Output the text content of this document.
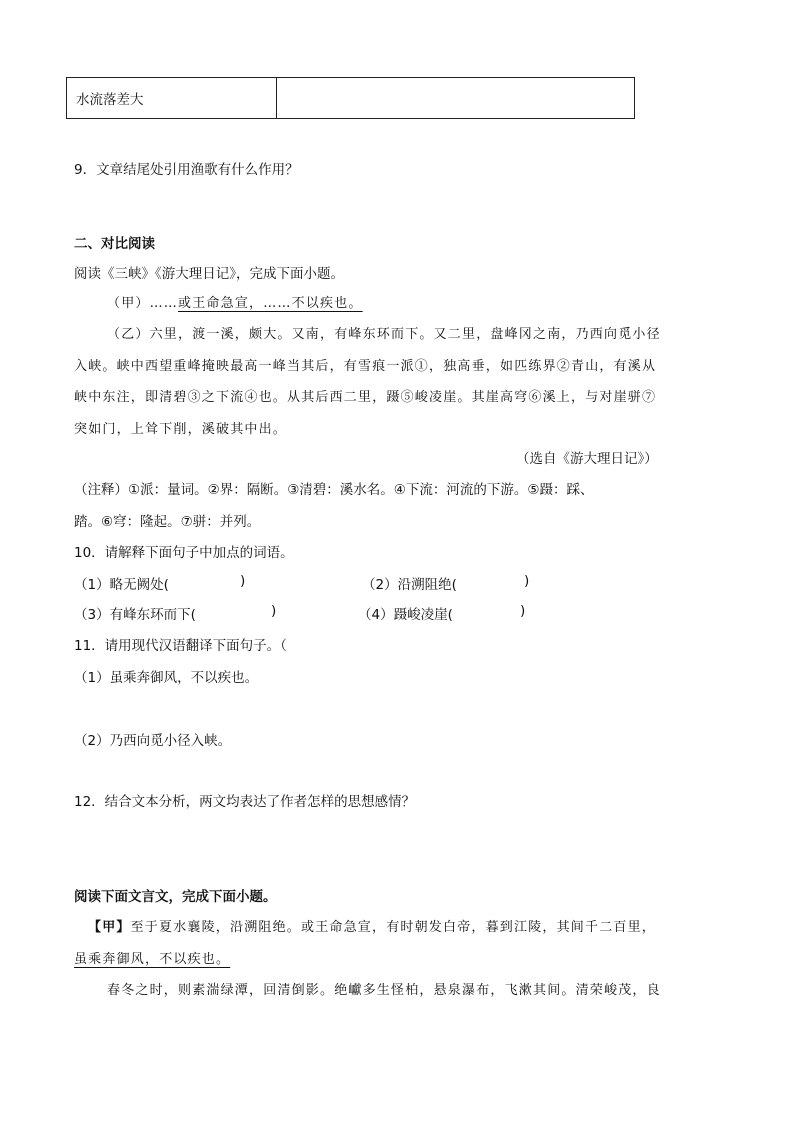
水流落差大	
9．文章结尾处引用渔歌有什么作用？
二、对比阅读
阅读《三峡》《游大理日记》，完成下面小题。
（甲）……或王命急宣，……不以疾也。
（乙）六里，渡一溪，颇大。又南，有峰东环而下。又二里，盘峰冈之南，乃西向觅小径
入峡。峡中西望重峰掩映最高一峰当其后，有雪痕一派①，独高垂，如匹练界②青山，有溪从
峡中东注，即清碧③之下流④也。从其后西二里，蹑⑤峻凌崖。其崖高穹⑥溪上，与对崖骈⑦
突如门，上耸下削，溪破其中出。
（选自《游大理日记》）
（注释）①派：量词。②界：隔断。③清碧：溪水名。④下流：河流的下游。⑤蹑：踩、
踏。⑥穹：隆起。⑦骈：并列。
10．请解释下面句子中加点的词语。
（1）略无阙处(	)	（2）沿溯阻绝(	)
（3）有峰东环而下(	)	（4）蹑峻凌崖(	)
11．请用现代汉语翻译下面句子。（
（1）虽乘奔御风，不以疾也。
（2）乃西向觅小径入峡。
12．结合文本分析，两文均表达了作者怎样的思想感情？
阅读下面文言文，完成下面小题。
【甲】至于夏水襄陵，沿溯阻绝。或王命急宣，有时朝发白帝，暮到江陵，其间千二百里，
虽乘奔御风，不以疾也。
春冬之时，则素湍绿潭，回清倒影。绝巘多生怪柏，悬泉瀑布，飞漱其间。清荣峻茂，良
